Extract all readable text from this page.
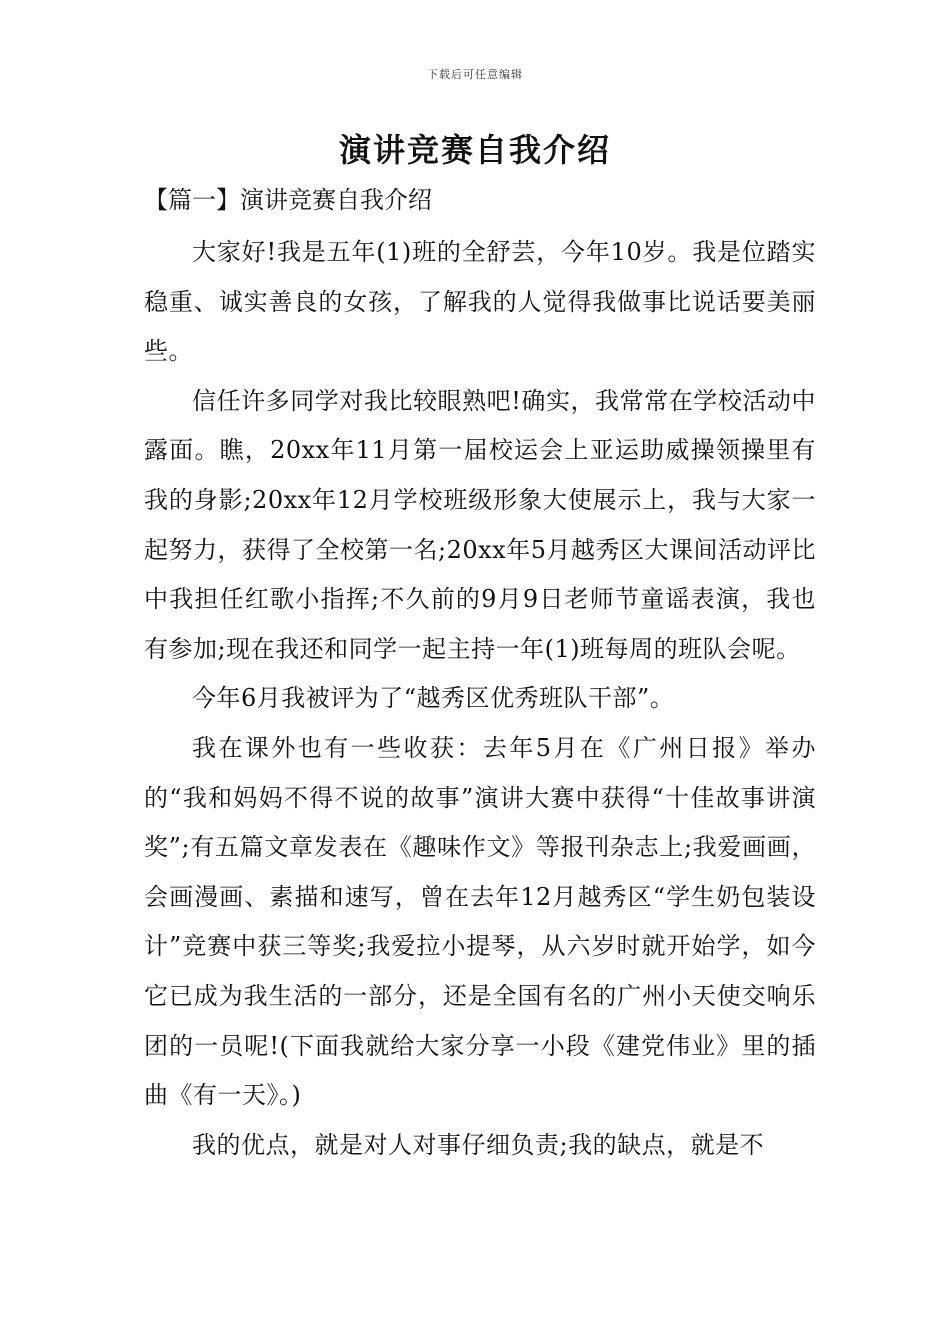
下载后可任意编辑
演讲竞赛自我介绍
【篇一】演讲竞赛自我介绍

大家好!我是五年(1)班的全舒芸，今年10岁。我是位踏实稳重、诚实善良的女孩，了解我的人觉得我做事比说话要美丽些。

信任许多同学对我比较眼熟吧!确实，我常常在学校活动中露面。瞧，20xx年11月第一届校运会上亚运助威操领操里有我的身影;20xx年12月学校班级形象大使展示上，我与大家一起努力，获得了全校第一名;20xx年5月越秀区大课间活动评比中我担任红歌小指挥;不久前的9月9日老师节童谣表演，我也有参加;现在我还和同学一起主持一年(1)班每周的班队会呢。

今年6月我被评为了“越秀区优秀班队干部”。

我在课外也有一些收获：去年5月在《广州日报》举办的“我和妈妈不得不说的故事”演讲大赛中获得“十佳故事讲演奖”;有五篇文章发表在《趣味作文》等报刊杂志上;我爱画画，会画漫画、素描和速写，曾在去年12月越秀区“学生奶包装设计”竞赛中获三等奖;我爱拉小提琴，从六岁时就开始学，如今它已成为我生活的一部分，还是全国有名的广州小天使交响乐团的一员呢!(下面我就给大家分享一小段《建党伟业》里的插曲《有一天》。)

我的优点，就是对人对事仔细负责;我的缺点，就是不
